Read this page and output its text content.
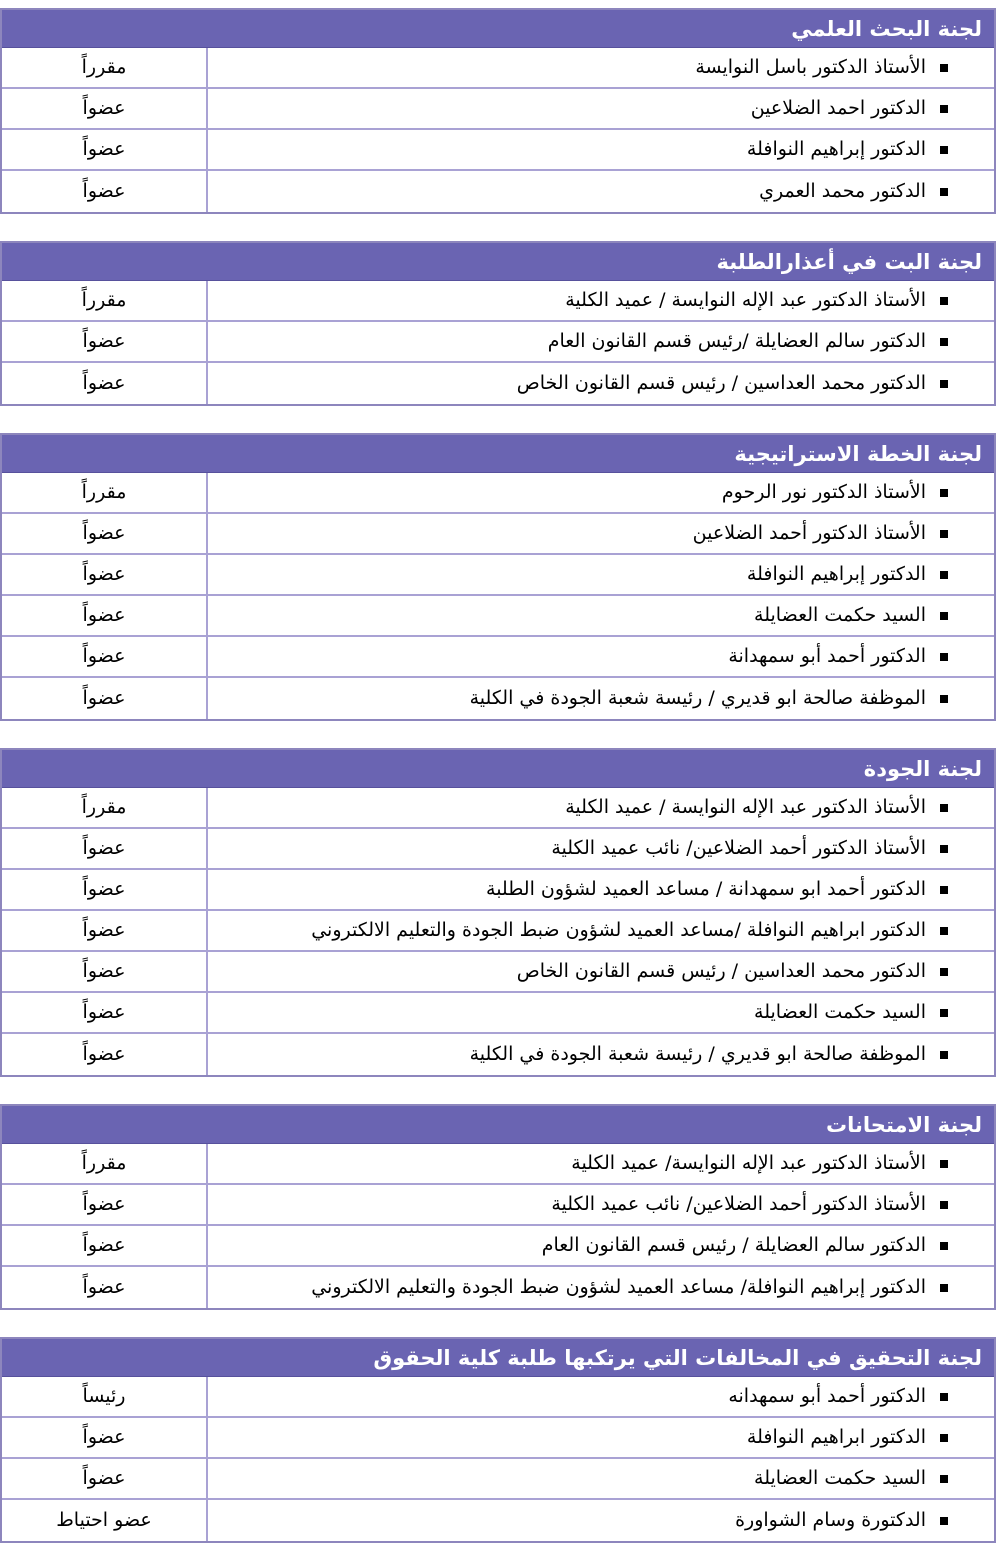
لجنة البحث العلمي
الأستاذ الدكتور باسل النوايسة
مقرراً
الدكتور احمد الضلاعين
عضواً
الدكتور إبراهيم النوافلة
عضواً
الدكتور محمد العمري
عضواً
لجنة البت في أعذارالطلبة
الأستاذ الدكتور عبد الإله النوايسة / عميد الكلية
مقرراً
الدكتور سالم العضايلة /رئيس قسم القانون العام
عضواً
الدكتور محمد العداسين / رئيس قسم القانون الخاص
عضواً
لجنة الخطة الاستراتيجية
الأستاذ الدكتور نور الرحوم
مقرراً
الأستاذ الدكتور أحمد الضلاعين
عضواً
الدكتور إبراهيم النوافلة
عضواً
السيد حكمت العضايلة
عضواً
الدكتور أحمد أبو سمهدانة
عضواً
الموظفة صالحة ابو قديري / رئيسة شعبة الجودة في الكلية
عضواً
لجنة الجودة
الأستاذ الدكتور عبد الإله النوايسة / عميد الكلية
مقرراً
الأستاذ الدكتور أحمد الضلاعين/ نائب عميد الكلية
عضواً
الدكتور أحمد ابو سمهدانة / مساعد العميد لشؤون الطلبة
عضواً
الدكتور ابراهيم النوافلة /مساعد العميد لشؤون ضبط الجودة والتعليم الالكتروني
عضواً
الدكتور محمد العداسين / رئيس قسم القانون الخاص
عضواً
السيد حكمت العضايلة
عضواً
الموظفة صالحة ابو قديري / رئيسة شعبة الجودة في الكلية
عضواً
لجنة الامتحانات
الأستاذ الدكتور عبد الإله النوايسة/ عميد الكلية
مقرراً
الأستاذ الدكتور أحمد الضلاعين/ نائب عميد الكلية
عضواً
الدكتور سالم العضايلة / رئيس قسم القانون العام
عضواً
الدكتور إبراهيم النوافلة/ مساعد العميد لشؤون ضبط الجودة والتعليم الالكتروني
عضواً
لجنة التحقيق في المخالفات التي يرتكبها طلبة كلية الحقوق
الدكتور أحمد أبو سمهدانه
رئيساً
الدكتور ابراهيم النوافلة
عضواً
السيد حكمت العضايلة
عضواً
الدكتورة وسام الشواورة
عضو احتياط
